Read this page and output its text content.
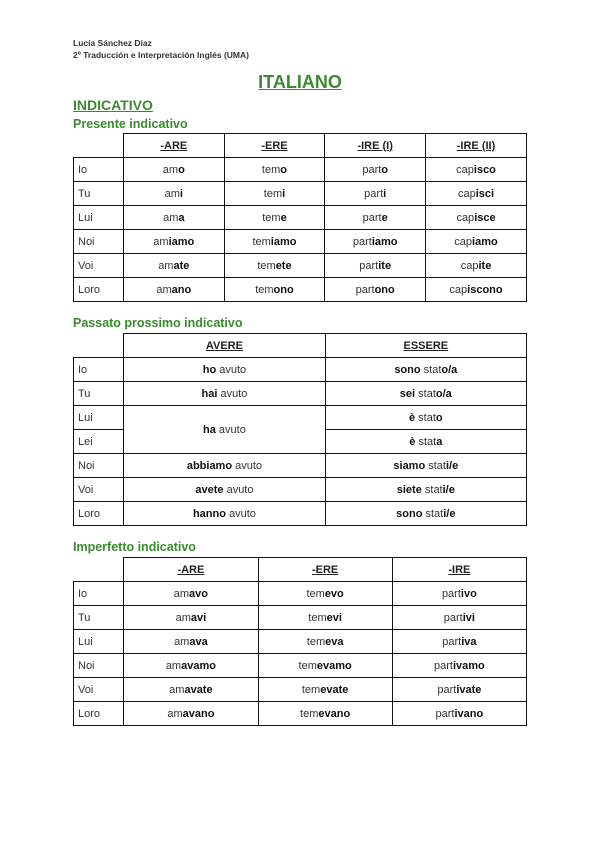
Lucía Sánchez Díaz
2º Traducción e Interpretación Inglés (UMA)
ITALIANO
INDICATIVO
Presente indicativo
	-ARE	-ERE	-IRE (I)	-IRE (II)
Io	amo	temo	parto	capisco
Tu	ami	temi	parti	capisci
Lui	ama	teme	parte	capisce
Noi	amiamo	temiamo	partiamo	capiamo
Voi	amate	temete	partite	capite
Loro	amano	temono	partono	capiscono
Passato prossimo indicativo
	AVERE	ESSERE
Io	ho avuto	sono stato/a
Tu	hai avuto	sei stato/a
Lui	ha avuto	è stato
Lei		è stata
Noi	abbiamo avuto	siamo stati/e
Voi	avete avuto	siete stati/e
Loro	hanno avuto	sono stati/e
Imperfetto indicativo
	-ARE	-ERE	-IRE
Io	amavo	temevo	partivo
Tu	amavi	temevi	partivi
Lui	amava	temeva	partiva
Noi	amavamo	temevamo	partivamo
Voi	amavate	temevate	partivate
Loro	amavano	temevano	partivano
